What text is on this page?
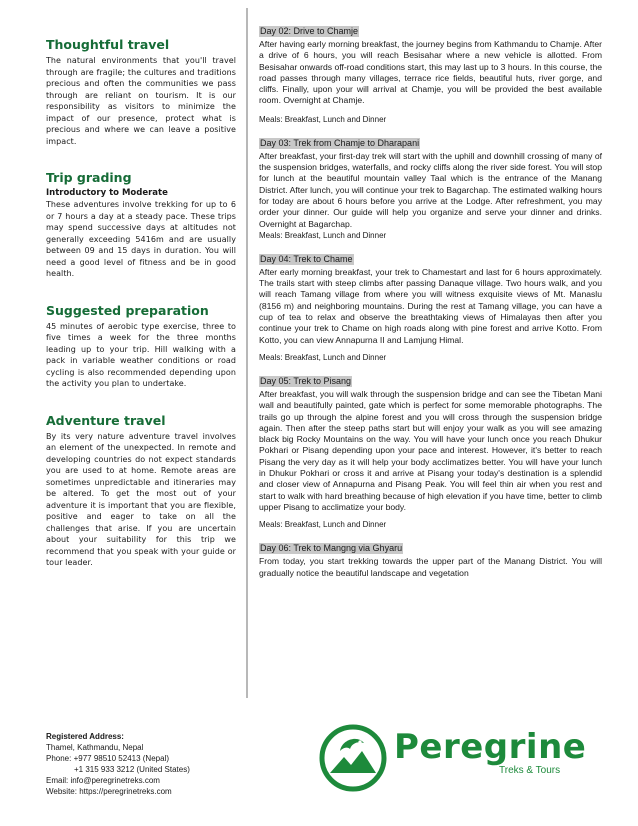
Thoughtful travel

The natural environments that you'll travel through are fragile; the cultures and traditions precious and often the communities we pass through are reliant on tourism. It is our responsibility as visitors to minimize the impact of our presence, protect what is precious and where we can leave a positive impact.

Trip grading

Introductory to Moderate

These adventures involve trekking for up to 6 or 7 hours a day at a steady pace. These trips may spend successive days at altitudes not generally exceeding 5416m and are usually between 09 and 15 days in duration. You will need a good level of fitness and be in good health.

Suggested preparation

45 minutes of aerobic type exercise, three to five times a week for the three months leading up to your trip. Hill walking with a pack in variable weather conditions or road cycling is also recommended depending upon the activity you plan to undertake.

Adventure travel

By its very nature adventure travel involves an element of the unexpected. In remote and developing countries do not expect standards you are used to at home. Remote areas are sometimes unpredictable and itineraries may be altered. To get the most out of your adventure it is important that you are flexible, positive and eager to take on all the challenges that arise. If you are uncertain about your suitability for this trip we recommend that you speak with your guide or tour leader.

Day 02: Drive to Chamje

After having early morning breakfast, the journey begins from Kathmandu to Chamje. After a drive of 6 hours, you will reach Besisahar where a new vehicle is allotted. From Besisahar onwards off-road conditions start, this may last up to 3 hours. In this course, the road passes through many villages, terrace rice fields, beautiful huts, river gorge, and cliffs. Finally, upon your will arrival at Chamje, you will be provided the best available room. Overnight at Chamje.

Meals: Breakfast, Lunch and Dinner

Day 03: Trek from Chamje to Dharapani

After breakfast, your first-day trek will start with the uphill and downhill crossing of many of the suspension bridges, waterfalls, and rocky cliffs along the river side forest. You will stop for lunch at the beautiful mountain valley Taal which is the entrance of the Manang District. After lunch, you will continue your trek to Bagarchap. The estimated walking hours for today are about 6 hours before you arrive at the Lodge. After refreshment, you may order your dinner. Our guide will help you organize and serve your dinner and drinks. Overnight at Bagarchap.

Meals: Breakfast, Lunch and Dinner

Day 04: Trek to Chame

After early morning breakfast, your trek to Chamestart and last for 6 hours approximately. The trails start with steep climbs after passing Danaque village. Two hours walk, and you will reach Tamang village from where you will witness exquisite views of Mt. Manaslu (8156 m) and neighboring mountains. During the rest at Tamang village, you can have a cup of tea to relax and observe the breathtaking views of Himalayas then after you continue your trek to Chame on high roads along with pine forest and arrive Kotto. From Kotto, you can view Annapurna II and Lamjung Himal.

Meals: Breakfast, Lunch and Dinner

Day 05: Trek to Pisang

After breakfast, you will walk through the suspension bridge and can see the Tibetan Mani wall and beautifully painted, gate which is perfect for some memorable photographs. The trails go up through the alpine forest and you will cross through the suspension bridge again. Then after the steep paths start but will enjoy your walk as you will see amazing black big Rocky Mountains on the way. You will have your lunch once you reach Dhukur Pokhari or Pisang depending upon your pace and interest. However, it's better to reach Pisang the very day as it will help your body acclimatizes better. You will have your lunch in Dhukur Pokhari or cross it and arrive at Pisang your today's destination is a splendid and closer view of Annapurna and Pisang Peak. You will feel thin air when you rest and start to walk with hard breathing because of high elevation if you have time, better to climb upper Pisang to acclimatize your body.

Meals: Breakfast, Lunch and Dinner

Day 06: Trek to Mangng via Ghyaru

From today, you start trekking towards the upper part of the Manang District. You will gradually notice the beautiful landscape and vegetation

Registered Address:
Thamel, Kathmandu, Nepal
Phone: +977 98510 52413 (Nepal)
+1 315 933 3212 (United States)
Email: info@peregrinetreks.com
Website: https://peregrinetreks.com
Peregrine
Treks & Tours
